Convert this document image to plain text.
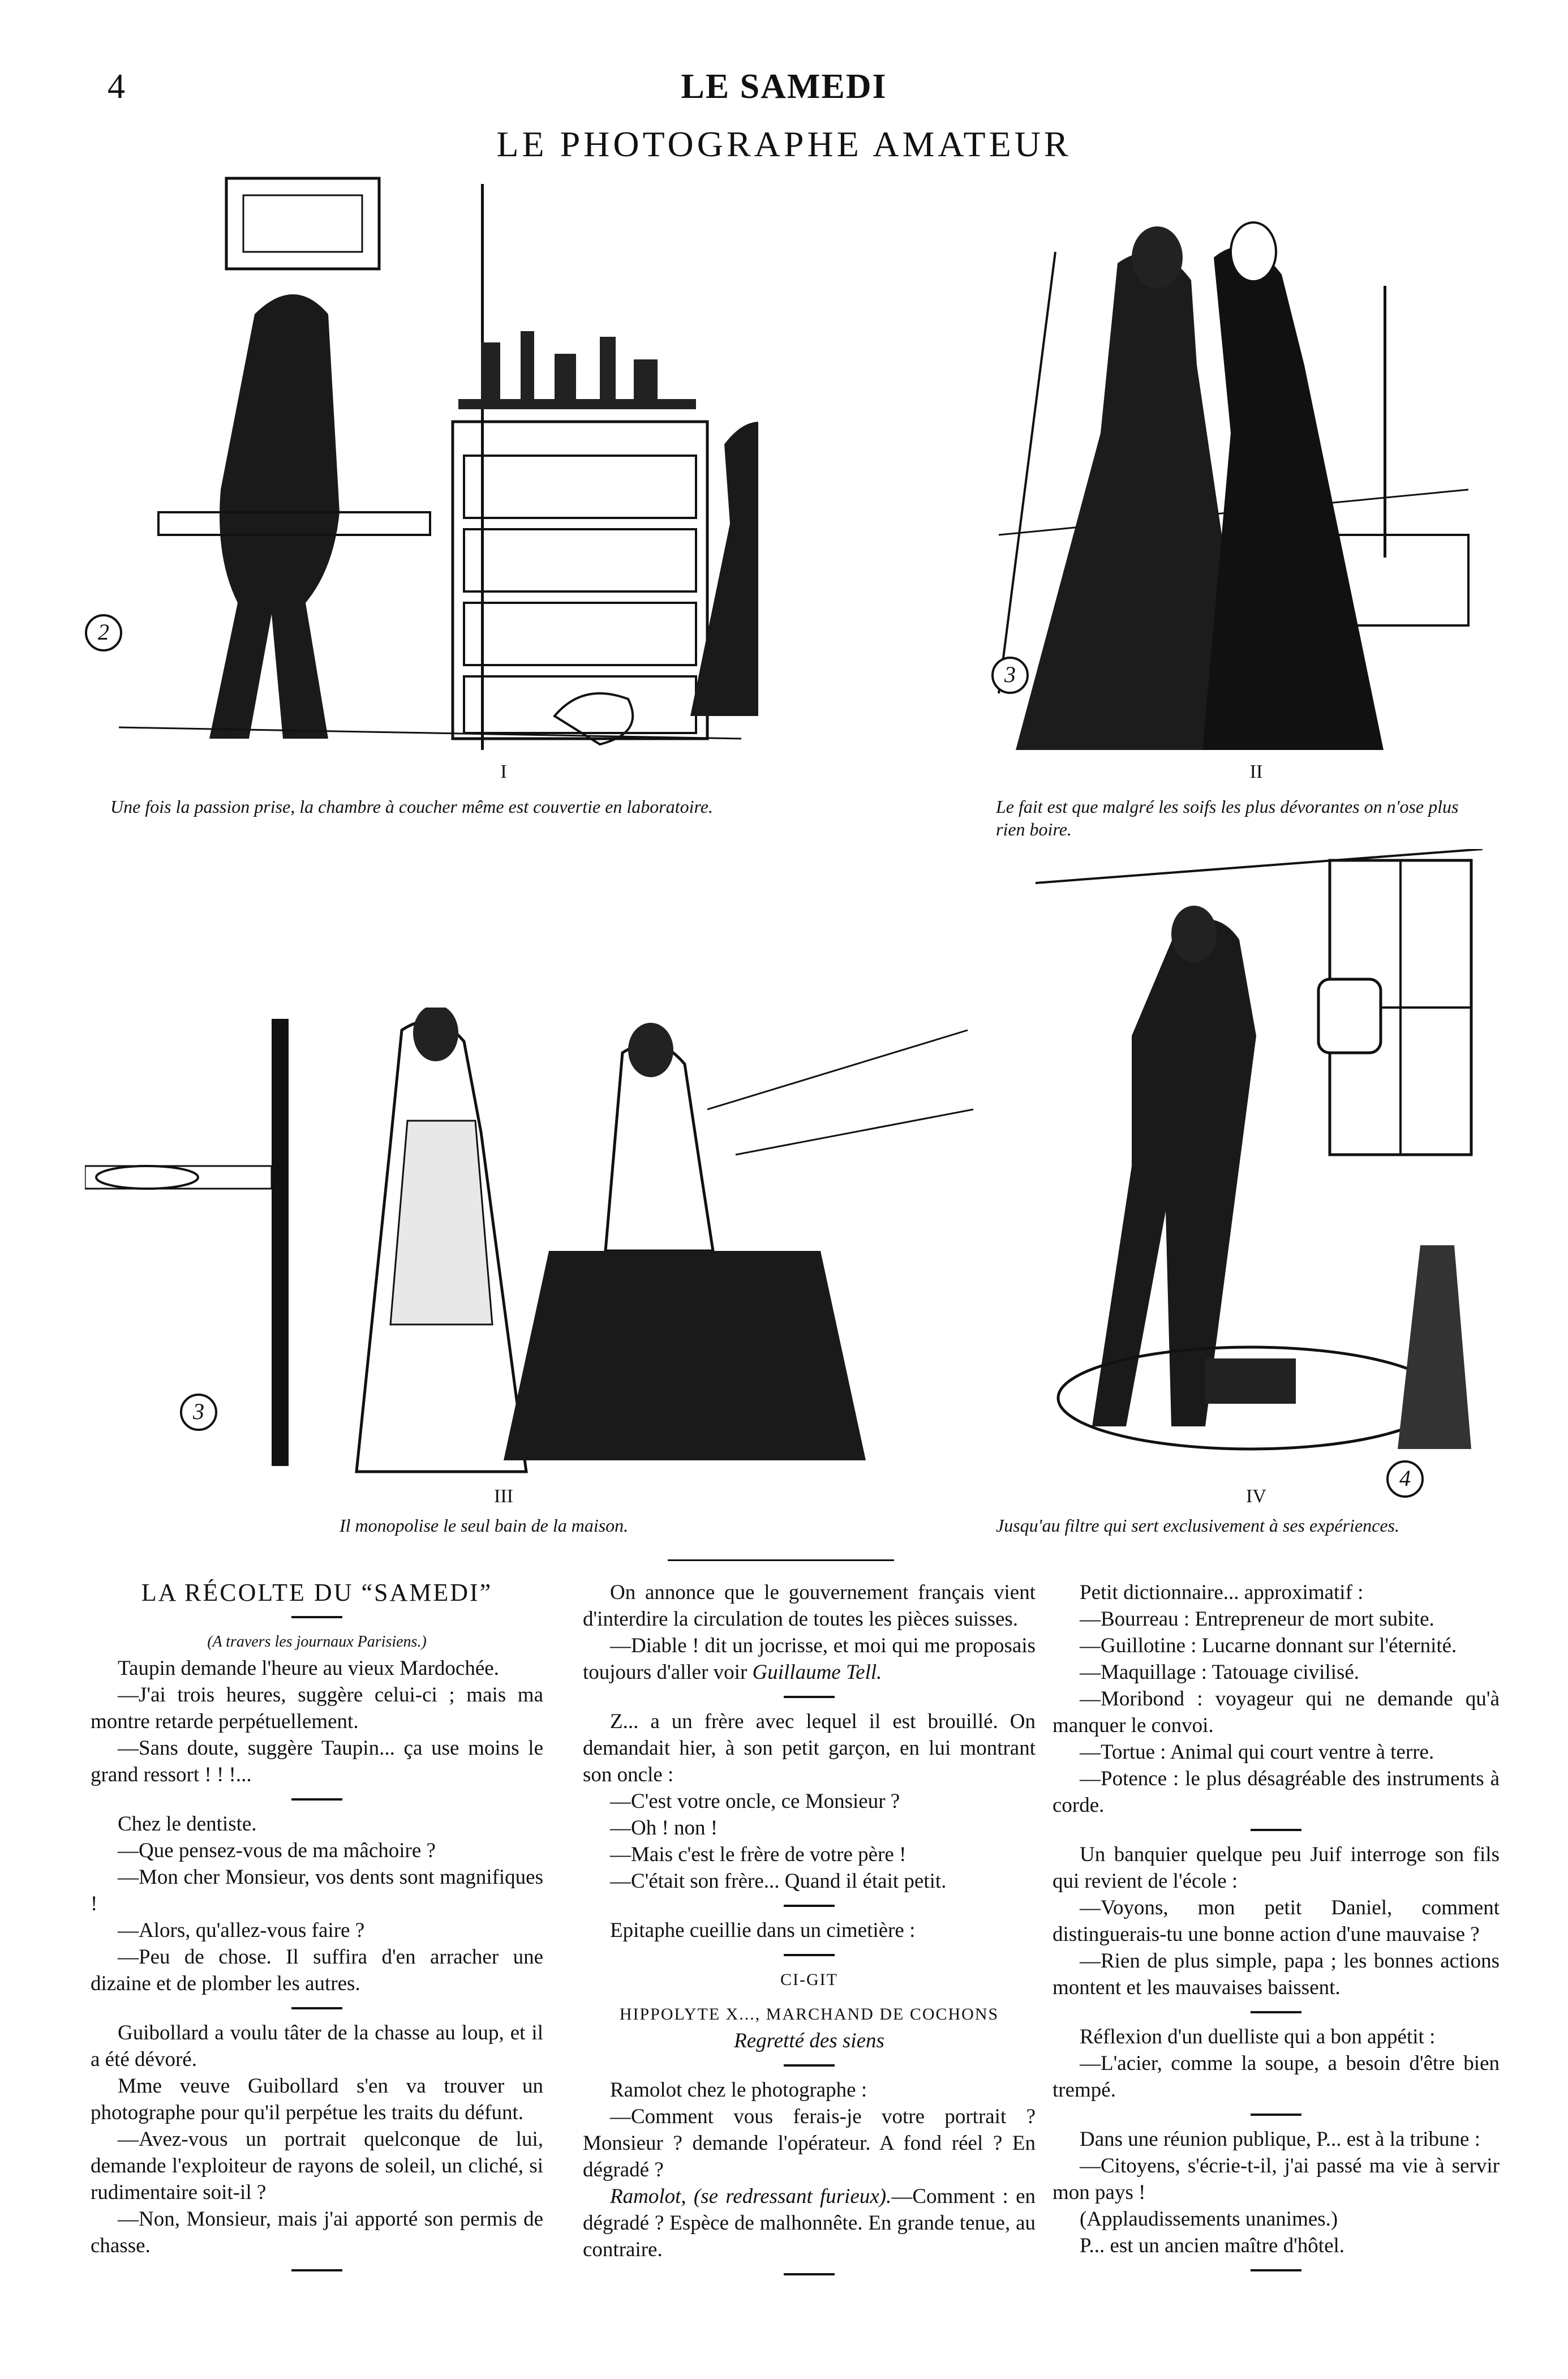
4	LE SAMEDI
LE PHOTOGRAPHE AMATEUR
2
3
I
Une fois la passion prise, la chambre à coucher même est couvertie en laboratoire.
II
Le fait est que malgré les soifs les plus dévorantes on n'ose plus rien boire.
3
4
III
Il monopolise le seul bain de la maison.
IV
Jusqu'au filtre qui sert exclusivement à ses expériences.
LA RÉCOLTE DU “SAMEDI”
(A travers les journaux Parisiens.)

Taupin demande l'heure au vieux Mardochée.

—J'ai trois heures, suggère celui-ci ; mais ma montre retarde perpétuellement.

—Sans doute, suggère Taupin... ça use moins le grand ressort ! ! !...

Chez le dentiste.

—Que pensez-vous de ma mâchoire ?

—Mon cher Monsieur, vos dents sont magnifiques !

—Alors, qu'allez-vous faire ?

—Peu de chose. Il suffira d'en arracher une dizaine et de plomber les autres.

Guibollard a voulu tâter de la chasse au loup, et il a été dévoré.

Mme veuve Guibollard s'en va trouver un photographe pour qu'il perpétue les traits du défunt.

—Avez-vous un portrait quelconque de lui, demande l'exploiteur de rayons de soleil, un cliché, si rudimentaire soit-il ?

—Non, Monsieur, mais j'ai apporté son permis de chasse.

On annonce que le gouvernement français vient d'interdire la circulation de toutes les pièces suisses.

—Diable ! dit un jocrisse, et moi qui me proposais toujours d'aller voir Guillaume Tell.

Z... a un frère avec lequel il est brouillé. On demandait hier, à son petit garçon, en lui montrant son oncle :

—C'est votre oncle, ce Monsieur ?

—Oh ! non !

—Mais c'est le frère de votre père !

—C'était son frère... Quand il était petit.

Epitaphe cueillie dans un cimetière :

CI-GIT

HIPPOLYTE X..., MARCHAND DE COCHONS

Regretté des siens

Ramolot chez le photographe :

—Comment vous ferais-je votre portrait ? Monsieur ? demande l'opérateur. A fond réel ? En dégradé ?

Ramolot, (se redressant furieux).—Comment : en dégradé ? Espèce de malhonnête. En grande tenue, au contraire.

Petit dictionnaire... approximatif :

—Bourreau : Entrepreneur de mort subite.

—Guillotine : Lucarne donnant sur l'éternité.

—Maquillage : Tatouage civilisé.

—Moribond : voyageur qui ne demande qu'à manquer le convoi.

—Tortue : Animal qui court ventre à terre.

—Potence : le plus désagréable des instruments à corde.

Un banquier quelque peu Juif interroge son fils qui revient de l'école :

—Voyons, mon petit Daniel, comment distinguerais-tu une bonne action d'une mauvaise ?

—Rien de plus simple, papa ; les bonnes actions montent et les mauvaises baissent.

Réflexion d'un duelliste qui a bon appétit :

—L'acier, comme la soupe, a besoin d'être bien trempé.

Dans une réunion publique, P... est à la tribune :

—Citoyens, s'écrie-t-il, j'ai passé ma vie à servir mon pays !

(Applaudissements unanimes.)

P... est un ancien maître d'hôtel.
